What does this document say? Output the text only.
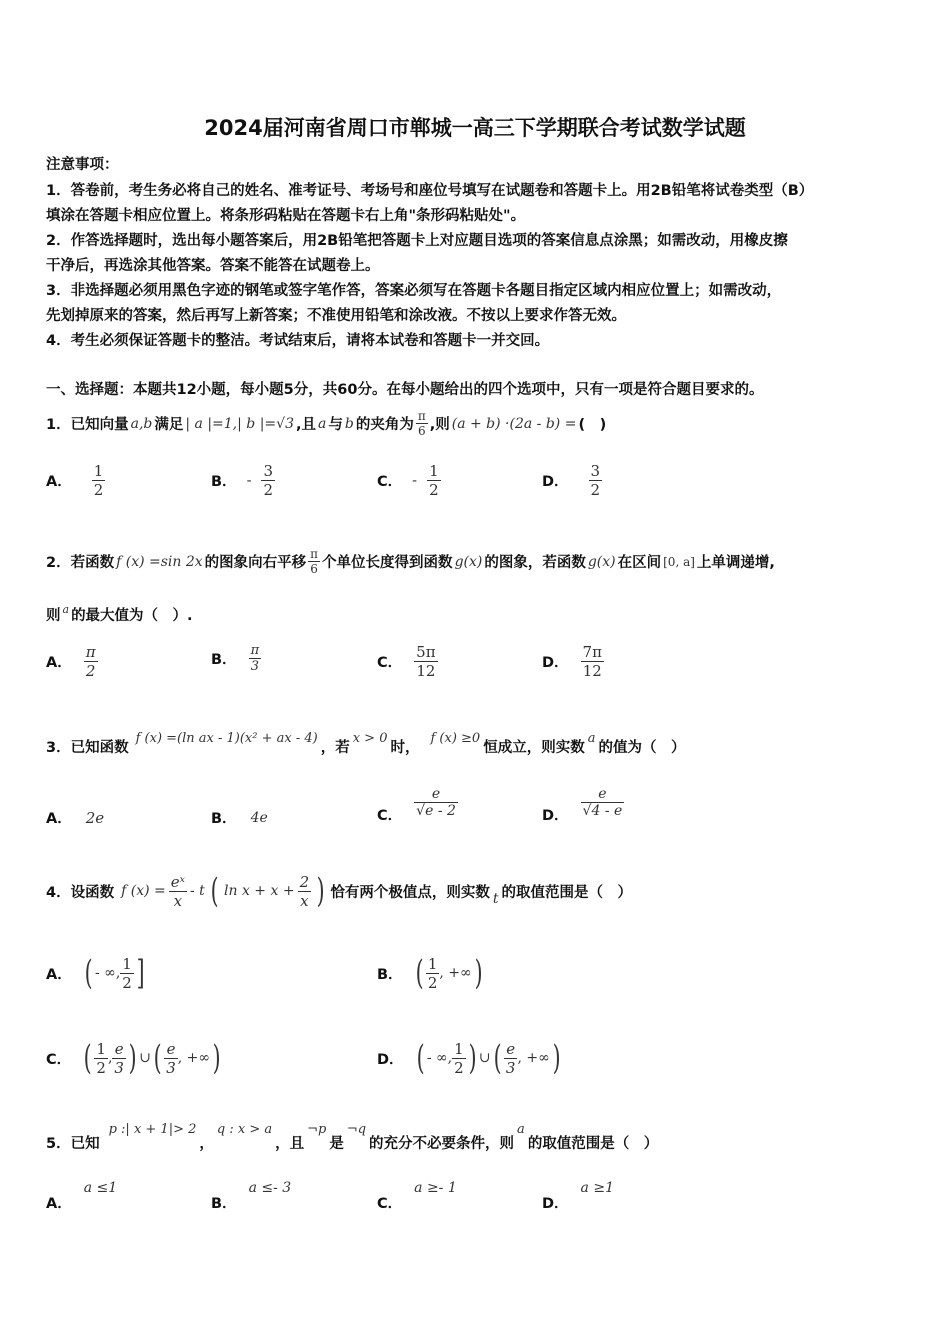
2024届河南省周口市郸城一高三下学期联合考试数学试题
注意事项：
1．答卷前，考生务必将自己的姓名、准考证号、考场号和座位号填写在试题卷和答题卡上。用2B铅笔将试卷类型（B）
填涂在答题卡相应位置上。将条形码粘贴在答题卡右上角"条形码粘贴处"。
2．作答选择题时，选出每小题答案后，用2B铅笔把答题卡上对应题目选项的答案信息点涂黑；如需改动，用橡皮擦
干净后，再选涂其他答案。答案不能答在试题卷上。
3．非选择题必须用黑色字迹的钢笔或签字笔作答，答案必须写在答题卡各题目指定区域内相应位置上；如需改动，
先划掉原来的答案，然后再写上新答案；不准使用铅笔和涂改液。不按以上要求作答无效。
4．考生必须保证答题卡的整洁。考试结束后，请将本试卷和答题卡一并交回。
一、选择题：本题共12小题，每小题5分，共60分。在每小题给出的四个选项中，只有一项是符合题目要求的。
1．已知向量 a,b 满足 | a |=1,| b |=√3 ,且 a 与 b 的夹角为 $\frac{\pi}{6}$ ,则 (a + b) ·(2a - b) = (　)
A． $\frac{1}{2}$	B． - $\frac{3}{2}$	C． - $\frac{1}{2}$	D． $\frac{3}{2}$
2．若函数 f (x) =sin 2x 的图象向右平移 $\frac{\pi}{6}$ 个单位长度得到函数 g(x) 的图象，若函数 g(x) 在区间 [0, a] 上单调递增,
则 a 的最大值为（　）.
A． $\frac{\pi}{2}$	B． $\frac{\pi}{3}$	C． $\frac{5\pi}{12}$	D． $\frac{7\pi}{12}$
3．已知函数
f (x) =(ln ax - 1)(x² + ax - 4)
，若
x > 0
时，
f (x) ≥0
恒成立，则实数
a
的值为（　）
A． 2e	B． 4e	C． $\frac{e}{√e - 2}$	D． $\frac{e}{√4 - e}$
4．设函数 f $(x) = \frac{\text{eˣ}}{x} - t$ ( $\ln x + x + \frac{2}{x}$ ) 恰有两个极值点，则实数 t 的取值范围是（　）
A． ( - ∞, $\frac{1}{2}$ ]	B． ( $\frac{1}{2}$ , +∞ )
C． ( $\frac{1}{2}$ , $\frac{e}{3}$ ) ∪ ( $\frac{e}{3}$ , +∞ )	D． ( - ∞, $\frac{1}{2}$ ) ∪ ( $\frac{e}{3}$ , +∞ )
5．已知
p :| x + 1|> 2
，
q : x > a
，且
¬p
是
¬q
的充分不必要条件，则
a
的取值范围是（　）
A．
a ≤1
B．
a ≤- 3
C．
a ≥- 1
D．
a ≥1
